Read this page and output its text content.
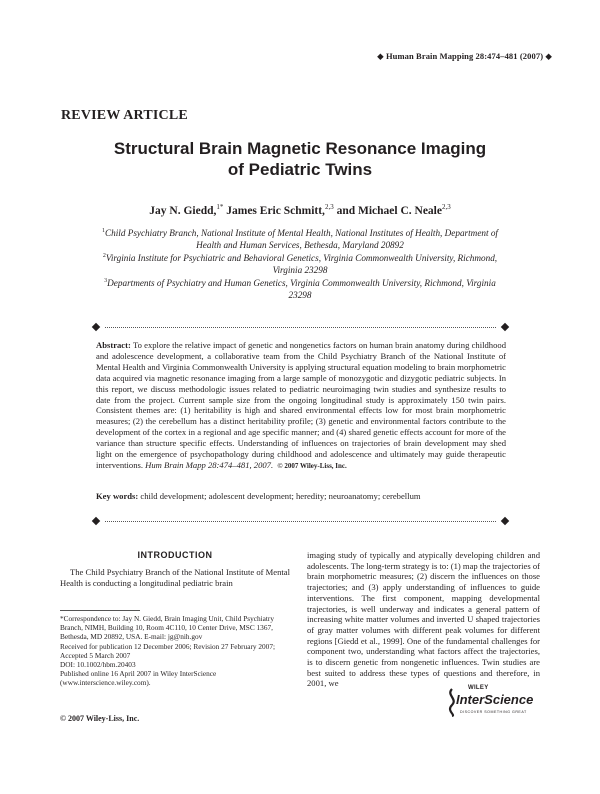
◆ Human Brain Mapping 28:474–481 (2007) ◆
REVIEW ARTICLE
Structural Brain Magnetic Resonance Imaging
of Pediatric Twins
Jay N. Giedd,$^{1*}$ James Eric Schmitt,$^{2,3}$ and Michael C. Neale$^{2,3}$
$^1$Child Psychiatry Branch, National Institute of Mental Health, National Institutes of Health, Department of Health and Human Services, Bethesda, Maryland 20892
$^2$Virginia Institute for Psychiatric and Behavioral Genetics, Virginia Commonwealth University, Richmond, Virginia 23298
$^3$Departments of Psychiatry and Human Genetics, Virginia Commonwealth University, Richmond, Virginia 23298
Abstract: To explore the relative impact of genetic and nongenetics factors on human brain anatomy during childhood and adolescence development, a collaborative team from the Child Psychiatry Branch of the National Institute of Mental Health and Virginia Commonwealth University is applying structural equation modeling to brain morphometric data acquired via magnetic resonance imaging from a large sample of monozygotic and dizygotic pediatric subjects. In this report, we discuss methodologic issues related to pediatric neuroimaging twin studies and synthesize results to date from the project. Current sample size from the ongoing longitudinal study is approximately 150 twin pairs. Consistent themes are: (1) heritability is high and shared environmental effects low for most brain morphometric measures; (2) the cerebellum has a distinct heritability profile; (3) genetic and environmental factors contribute to the development of the cortex in a regional and age specific manner; and (4) shared genetic effects account for more of the variance than structure specific effects. Understanding of influences on trajectories of brain development may shed light on the emergence of psychopathology during childhood and adolescence and ultimately may guide therapeutic interventions. Hum Brain Mapp 28:474–481, 2007. © 2007 Wiley-Liss, Inc.
Key words: child development; adolescent development; heredity; neuroanatomy; cerebellum
INTRODUCTION
The Child Psychiatry Branch of the National Institute of Mental Health is conducting a longitudinal pediatric brain

*Correspondence to: Jay N. Giedd, Brain Imaging Unit, Child Psychiatry Branch, NIMH, Building 10, Room 4C110, 10 Center Drive, MSC 1367, Bethesda, MD 20892, USA. E-mail: jg@nih.gov

Received for publication 12 December 2006; Revision 27 February 2007; Accepted 5 March 2007

DOI: 10.1002/hbm.20403

Published online 16 April 2007 in Wiley InterScience (www.interscience.wiley.com).

© 2007 Wiley-Liss, Inc.
imaging study of typically and atypically developing children and adolescents. The long-term strategy is to: (1) map the trajectories of brain morphometric measures; (2) discern the influences on those trajectories; and (3) apply understanding of influences to guide interventions. The first component, mapping developmental trajectories, is well underway and indicates a general pattern of increasing white matter volumes and inverted U shaped trajectories of gray matter volumes with different peak volumes for different regions [Giedd et al., 1999]. One of the fundamental challenges for component two, understanding what factors affect the trajectories, is to discern genetic from nongenetic influences. Twin studies are best suited to address these types of questions and therefore, in 2001, we	WILEY
InterScience
DISCOVER SOMETHING GREAT
